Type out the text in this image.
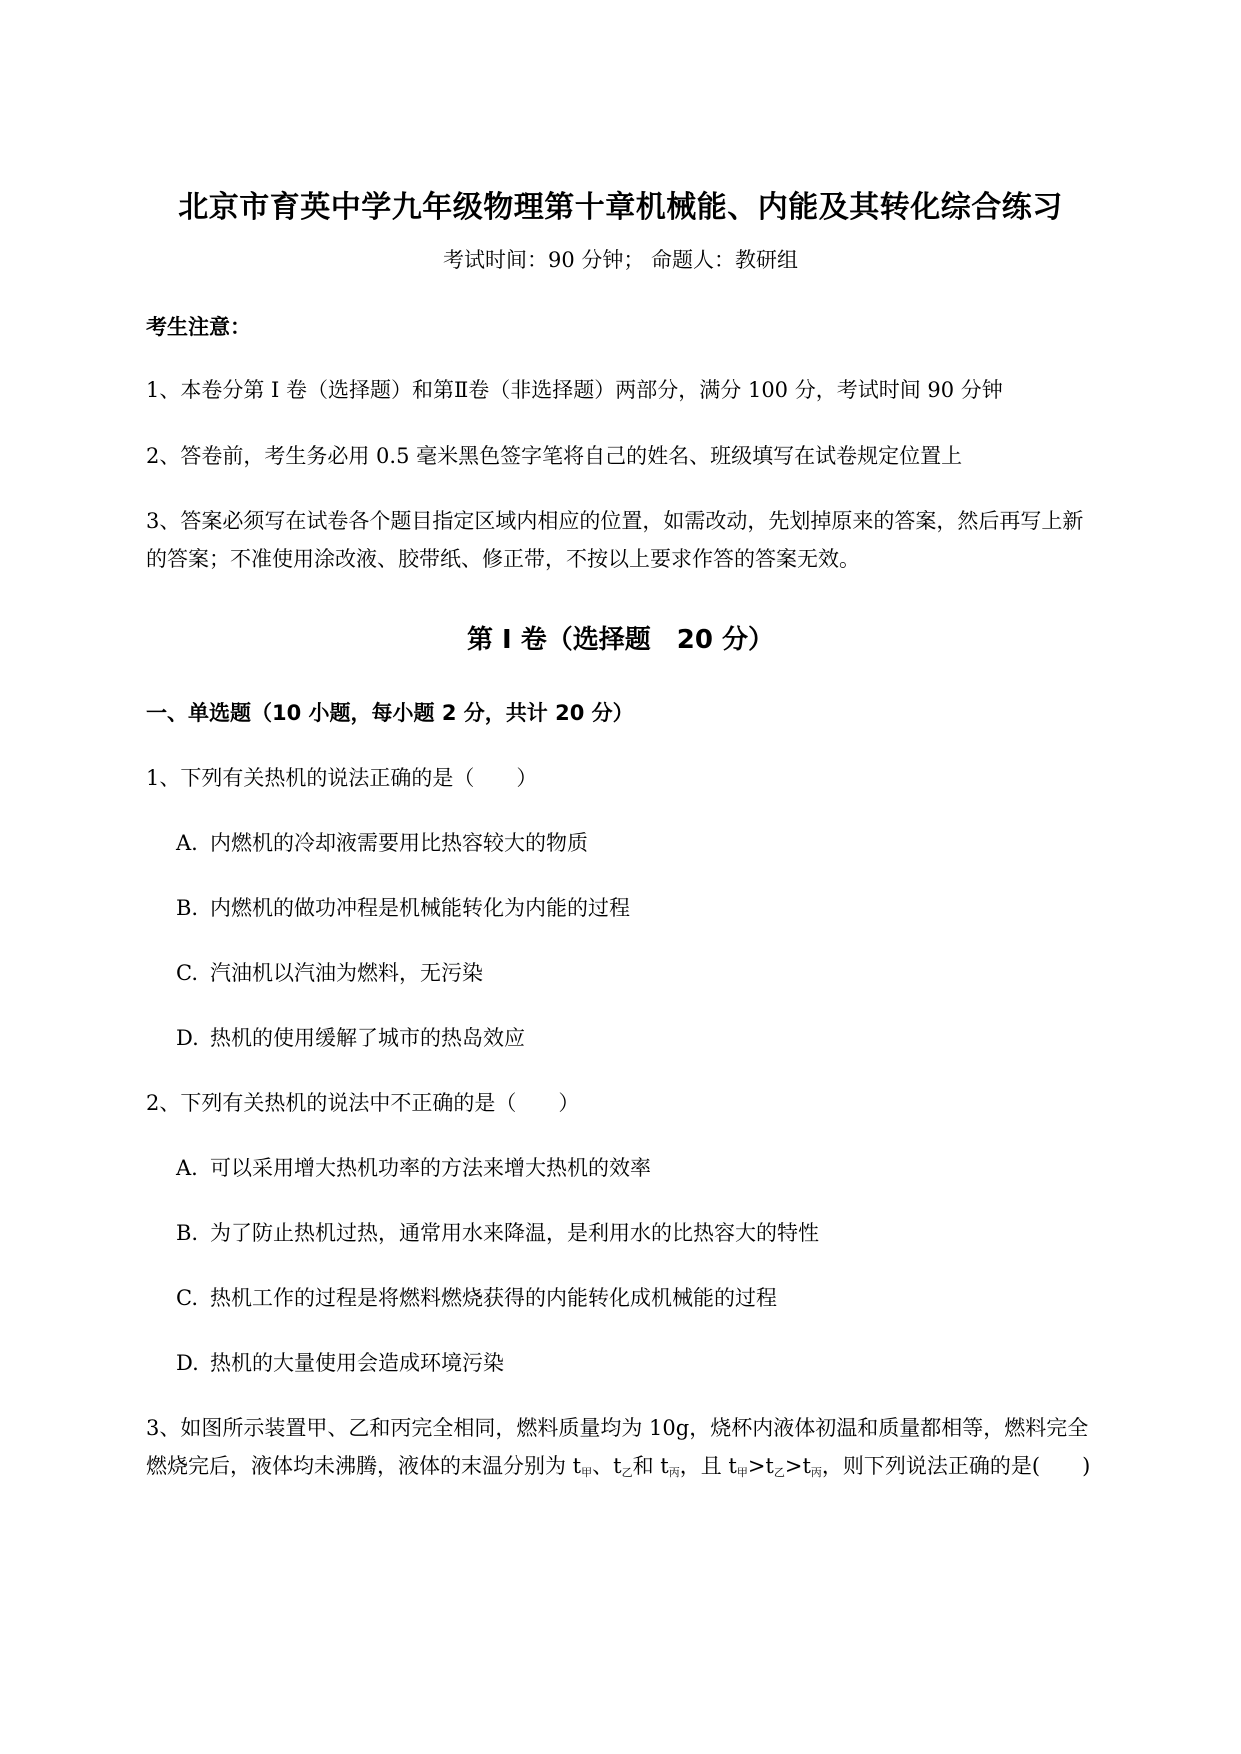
北京市育英中学九年级物理第十章机械能、内能及其转化综合练习
考试时间：90 分钟； 命题人：教研组
考生注意：
1、本卷分第 I 卷（选择题）和第Ⅱ卷（非选择题）两部分，满分 100 分，考试时间 90 分钟
2、答卷前，考生务必用 0.5 毫米黑色签字笔将自己的姓名、班级填写在试卷规定位置上
3、答案必须写在试卷各个题目指定区域内相应的位置，如需改动，先划掉原来的答案，然后再写上新
的答案；不准使用涂改液、胶带纸、修正带，不按以上要求作答的答案无效。
第 I 卷（选择题　20 分）
一、单选题（10 小题，每小题 2 分，共计 20 分）
1、下列有关热机的说法正确的是（　　）
A. 内燃机的冷却液需要用比热容较大的物质
B. 内燃机的做功冲程是机械能转化为内能的过程
C. 汽油机以汽油为燃料，无污染
D. 热机的使用缓解了城市的热岛效应
2、下列有关热机的说法中不正确的是（　　）
A. 可以采用增大热机功率的方法来增大热机的效率
B. 为了防止热机过热，通常用水来降温，是利用水的比热容大的特性
C. 热机工作的过程是将燃料燃烧获得的内能转化成机械能的过程
D. 热机的大量使用会造成环境污染
3、如图所示装置甲、乙和丙完全相同，燃料质量均为 10g，烧杯内液体初温和质量都相等，燃料完全
燃烧完后，液体均未沸腾，液体的末温分别为 $t_甲$、$t_乙$和 $t_丙$，且 $t_甲>t_乙>t_丙$，则下列说法正确的是(　　)
